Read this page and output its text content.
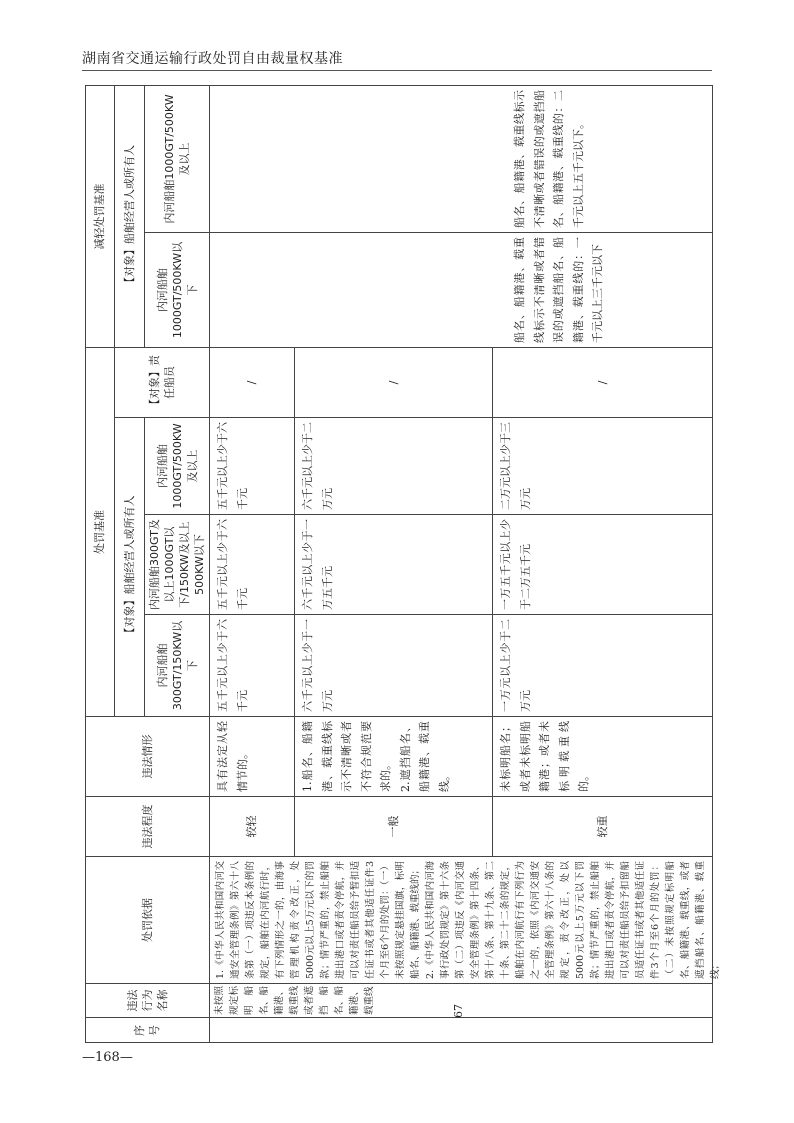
湖南省交通运输行政处罚自由裁量权基准
—168—
减轻处罚基准	【对象】船舶经营人或所有人	内河船舶1000GT/500KW及以上
内河船舶1000GT/500KW以下
处罚基准
【对象】责任船员
【对象】船舶经营人或所有人
内河船舶1000GT/500KW及以上
内河船舶300GT及以上1000GT以下/150KW及以上500KW以下
内河船舶300GT/150KW以下
违法情形
违法程度
处罚依据
违法行为名称
序号
具有法定从轻情节的。
较轻
五千元以上少于六千元
五千元以上少于六千元
五千元以上少于六千元
/
1.船名、船籍港、载重线标示不清晰或者不符合规范要求的。
2.遮挡船名、船籍港、载重线。
一般
六千元以上少于一万元
六千元以上少于一万五千元
六千元以上少于二万元
/
未标明船名；或者未标明船籍港；或者未标明载重线的。
较重
一万元以上少于二万元
一万五千元以上少于二万五千元
二万元以上少于三万元
/
1.《中华人民共和国内河交通安全管理条例》第六十八条第（一）项违反本条例的规定，船舶在内河航行时，有下列情形之一的，由海事管理机构责令改正，处5000元以上5万元以下的罚款；情节严重的，禁止船舶进出港口或者责令停航，并可以对责任船员给予暂扣适任证书或者其他适任证件3个月至6个月的处罚：（一）未按照规定悬挂国旗，标明船名、船籍港、载重线的；
2.《中华人民共和国内河海事行政处罚规定》第十六条第（二）项违反《内河交通安全管理条例》第十四条、第十八条、第十九条、第二十条、第二十二条的规定，船舶在内河航行有下列行为之一的，依照《内河交通安全管理条例》第六十八条的规定，责令改正，处以5000元以上5万元以下罚款；情节严重的，禁止船舶进出港口或者责令停航，并可以对责任船员给予扣留船员适任证书或者其他适任证件3个月至6个月的处罚：（二）未按照规定标明船名、船籍港、载重线，或者遮挡船名、船籍港、载重线；
未按照规定标明船名、船籍港、载重线或者遮挡船名、船籍港、载重线
船名、船籍港、载重线标示不清晰或者错误的或遮挡船名、船籍港、载重线的：一千元以上三千元以下
船名、船籍港、载重线标示不清晰或者错误的或遮挡船名、船籍港、载重线的：二千元以上五千元以下。
67
